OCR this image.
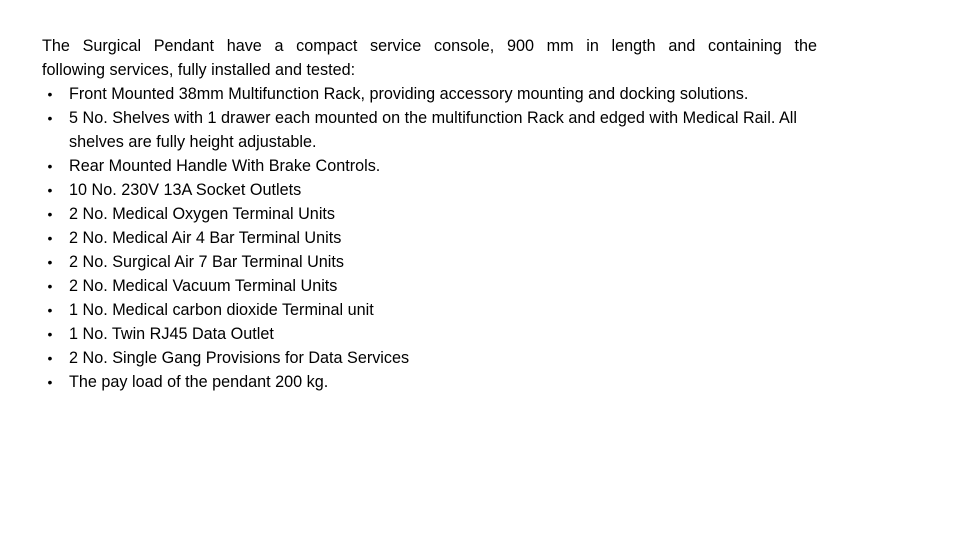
The Surgical Pendant have a compact service console, 900 mm in length and containing the
following services, fully installed and tested:

• Front Mounted 38mm Multifunction Rack, providing accessory mounting and docking solutions.
• 5 No. Shelves with 1 drawer each mounted on the multifunction Rack and edged with Medical Rail. All shelves are fully height adjustable.
• Rear Mounted Handle With Brake Controls.
• 10 No. 230V 13A Socket Outlets
• 2 No. Medical Oxygen Terminal Units
• 2 No. Medical Air 4 Bar Terminal Units
• 2 No. Surgical Air 7 Bar Terminal Units
• 2 No. Medical Vacuum Terminal Units
• 1 No. Medical carbon dioxide Terminal unit
• 1 No. Twin RJ45 Data Outlet
• 2 No. Single Gang Provisions for Data Services
• The pay load of the pendant 200 kg.
